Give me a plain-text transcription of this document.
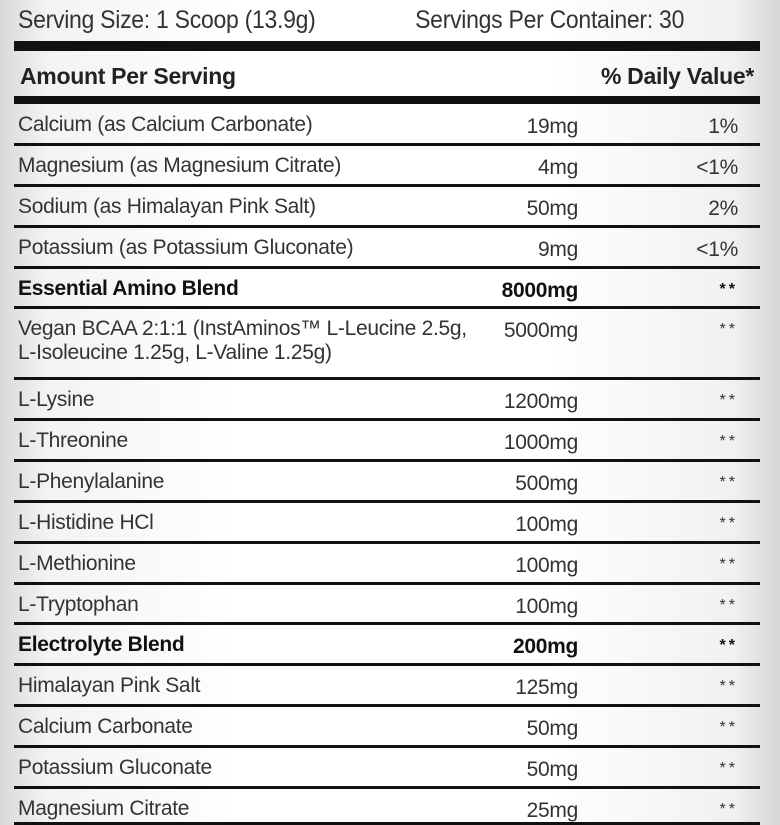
Serving Size: 1 Scoop (13.9g)	Servings Per Container: 30
Amount Per Serving	% Daily Value*
Calcium (as Calcium Carbonate)	19mg	1%
Magnesium (as Magnesium Citrate)	4mg	<1%
Sodium (as Himalayan Pink Salt)	50mg	2%
Potassium (as Potassium Gluconate)	9mg	<1%
Essential Amino Blend	8000mg	**
Vegan BCAA 2:1:1 (InstAminos™ L-Leucine 2.5g,
L-Isoleucine 1.25g, L-Valine 1.25g)
5000mg	**
L-Lysine	1200mg	**
L-Threonine	1000mg	**
L-Phenylalanine	500mg	**
L-Histidine HCl	100mg	**
L-Methionine	100mg	**
L-Tryptophan	100mg	**
Electrolyte Blend	200mg	**
Himalayan Pink Salt	125mg	**
Calcium Carbonate	50mg	**
Potassium Gluconate	50mg	**
Magnesium Citrate	25mg	**
